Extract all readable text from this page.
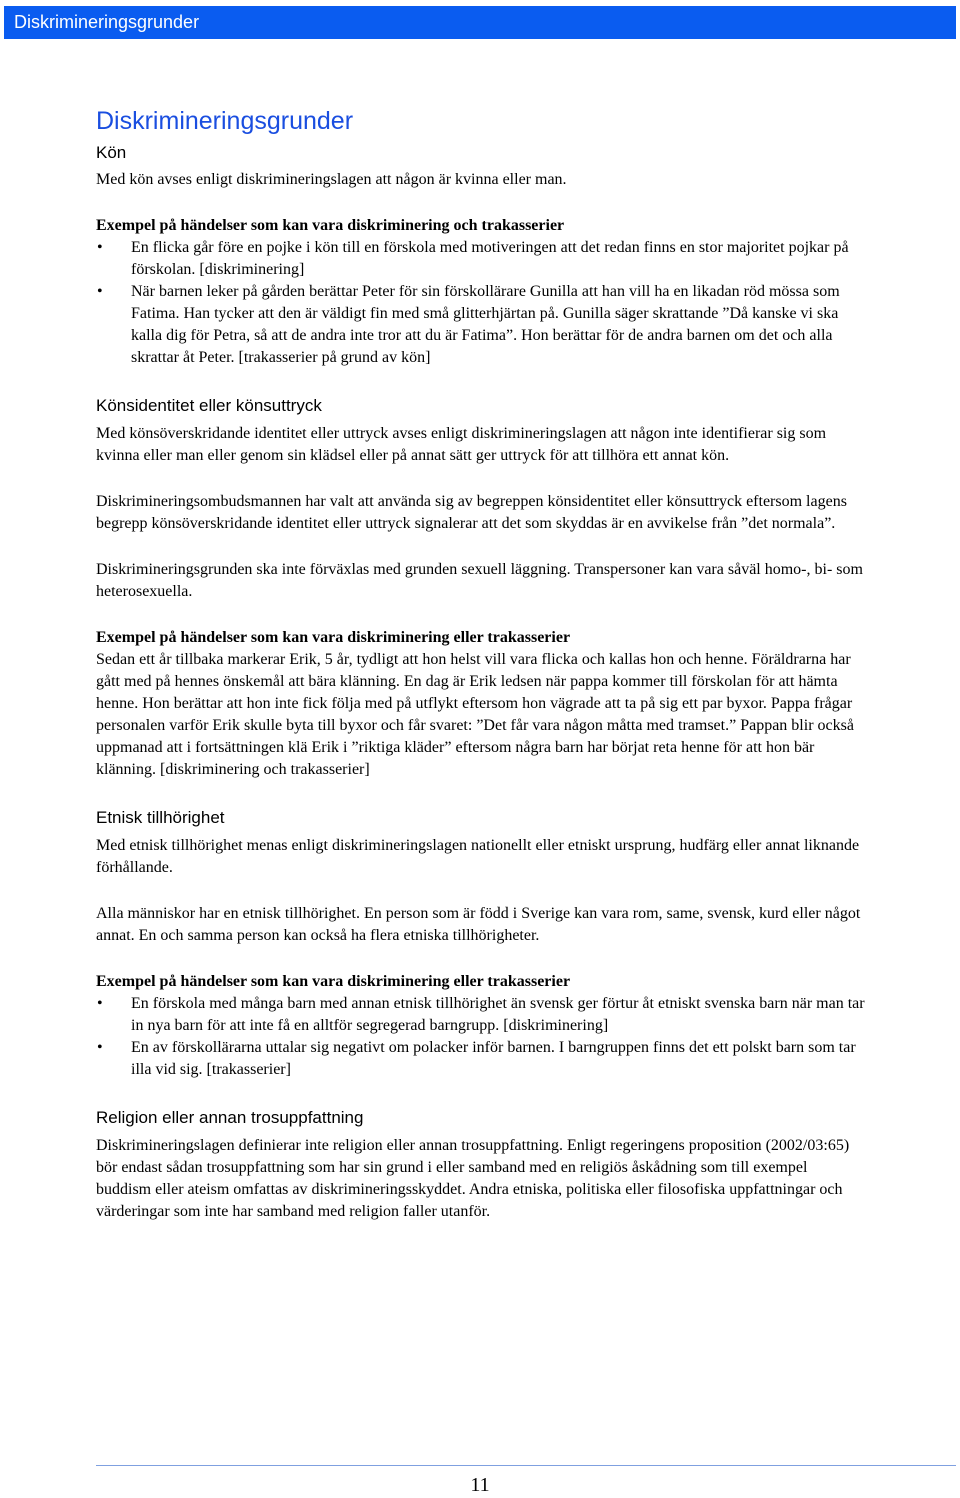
Diskrimineringsgrunder
Diskrimineringsgrunder
Kön

Med kön avses enligt diskrimineringslagen att någon är kvinna eller man.

Exempel på händelser som kan vara diskriminering och trakasserier

• En flicka går före en pojke i kön till en förskola med motiveringen att det redan finns en stor majoritet pojkar på förskolan. [diskriminering]
• När barnen leker på gården berättar Peter för sin förskollärare Gunilla att han vill ha en likadan röd mössa som Fatima. Han tycker att den är väldigt fin med små glitterhjärtan på. Gunilla säger skrattande ”Då kanske vi ska kalla dig för Petra, så att de andra inte tror att du är Fatima”. Hon berättar för de andra barnen om det och alla skrattar åt Peter. [trakasserier på grund av kön]
Könsidentitet eller könsuttryck

Med könsöverskridande identitet eller uttryck avses enligt diskrimineringslagen att någon inte identifierar sig som kvinna eller man eller genom sin klädsel eller på annat sätt ger uttryck för att tillhöra ett annat kön.

Diskrimineringsombudsmannen har valt att använda sig av begreppen könsidentitet eller könsuttryck eftersom lagens begrepp könsöverskridande identitet eller uttryck signalerar att det som skyddas är en avvikelse från ”det normala”.

Diskrimineringsgrunden ska inte förväxlas med grunden sexuell läggning. Transpersoner kan vara såväl homo-, bi- som heterosexuella.

Exempel på händelser som kan vara diskriminering eller trakasserier

Sedan ett år tillbaka markerar Erik, 5 år, tydligt att hon helst vill vara flicka och kallas hon och henne. Föräldrarna har gått med på hennes önskemål att bära klänning. En dag är Erik ledsen när pappa kommer till förskolan för att hämta henne. Hon berättar att hon inte fick följa med på utflykt eftersom hon vägrade att ta på sig ett par byxor. Pappa frågar personalen varför Erik skulle byta till byxor och får svaret: ”Det får vara någon måtta med tramset.” Pappan blir också uppmanad att i fortsättningen klä Erik i ”riktiga kläder” eftersom några barn har börjat reta henne för att hon bär klänning. [diskriminering och trakasserier]

Etnisk tillhörighet

Med etnisk tillhörighet menas enligt diskrimineringslagen nationellt eller etniskt ursprung, hudfärg eller annat liknande förhållande.

Alla människor har en etnisk tillhörighet. En person som är född i Sverige kan vara rom, same, svensk, kurd eller något annat. En och samma person kan också ha flera etniska tillhörigheter.

Exempel på händelser som kan vara diskriminering eller trakasserier

• En förskola med många barn med annan etnisk tillhörighet än svensk ger förtur åt etniskt svenska barn när man tar in nya barn för att inte få en alltför segregerad barngrupp. [diskriminering]
• En av förskollärarna uttalar sig negativt om polacker inför barnen. I barngruppen finns det ett polskt barn som tar illa vid sig. [trakasserier]
Religion eller annan trosuppfattning

Diskrimineringslagen definierar inte religion eller annan trosuppfattning. Enligt regeringens proposition (2002/03:65) bör endast sådan trosuppfattning som har sin grund i eller samband med en religiös åskådning som till exempel buddism eller ateism omfattas av diskrimineringsskyddet. Andra etniska, politiska eller filosofiska uppfattningar och värderingar som inte har samband med religion faller utanför.

11
